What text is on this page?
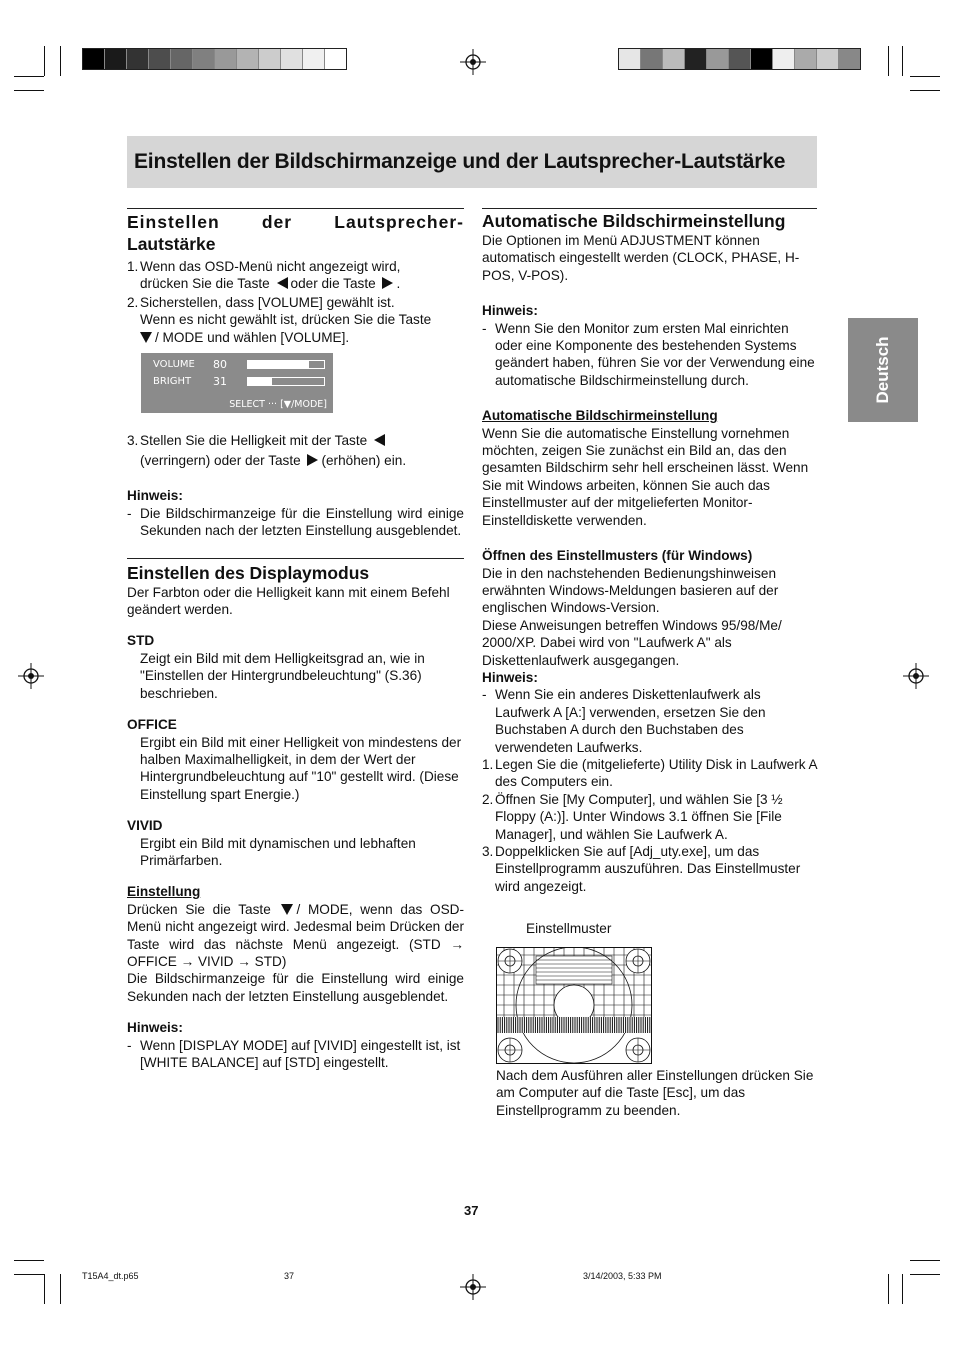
Einstellen der Bildschirmanzeige und der Lautsprecher-Lautstärke
Deutsch

Einstellen der Lautsprecher-

Lautstärke

1. Wenn das OSD-Menü nicht angezeigt wird,
drücken Sie die Taste oder die Taste .
2. Sicherstellen, dass [VOLUME] gewählt ist.
Wenn es nicht gewählt ist, drücken Sie die Taste
/ MODE und wählen [VOLUME].
3. Stellen Sie die Helligkeit mit der Taste
(verringern) oder der Taste (erhöhen) ein.

Hinweis:

- Die Bildschirmanzeige für die Einstellung wird einige Sekunden nach der letzten Einstellung ausgeblendet.

Einstellen des Displaymodus

Der Farbton oder die Helligkeit kann mit einem Befehl geändert werden.

STD

Zeigt ein Bild mit dem Helligkeitsgrad an, wie in "Einstellen der Hintergrundbeleuchtung" (S.36) beschrieben.

OFFICE

Ergibt ein Bild mit einer Helligkeit von mindestens der halben Maximalhelligkeit, in dem der Wert der Hintergrundbeleuchtung auf "10" gestellt wird. (Diese Einstellung spart Energie.)

VIVID

Ergibt ein Bild mit dynamischen und lebhaften Primärfarben.

Einstellung

Drücken Sie die Taste / MODE, wenn das OSD-Menü nicht angezeigt wird. Jedesmal beim Drücken der Taste wird das nächste Menü angezeigt. (STD → OFFICE → VIVID → STD)

Die Bildschirmanzeige für die Einstellung wird einige Sekunden nach der letzten Einstellung ausgeblendet.

Hinweis:

- Wenn [DISPLAY MODE] auf [VIVID] eingestellt ist, ist [WHITE BALANCE] auf [STD] eingestellt.
VOLUME	80
BRIGHT	31
SELECT ··· [▼/MODE]

Automatische Bildschirmeinstellung

Die Optionen im Menü ADJUSTMENT können automatisch eingestellt werden (CLOCK, PHASE, H-POS, V-POS).

Hinweis:

- Wenn Sie den Monitor zum ersten Mal einrichten oder eine Komponente des bestehenden Systems geändert haben, führen Sie vor der Verwendung eine automatische Bildschirmeinstellung durch.

Automatische Bildschirmeinstellung

Wenn Sie die automatische Einstellung vornehmen möchten, zeigen Sie zunächst ein Bild an, das den gesamten Bildschirm sehr hell erscheinen lässt. Wenn Sie mit Windows arbeiten, können Sie auch das Einstellmuster auf der mitgelieferten Monitor-Einstelldiskette verwenden.

Öffnen des Einstellmusters (für Windows)

Die in den nachstehenden Bedienungshinweisen erwähnten Windows-Meldungen basieren auf der englischen Windows-Version.

Diese Anweisungen betreffen Windows 95/98/Me/ 2000/XP. Dabei wird von "Laufwerk A" als Diskettenlaufwerk ausgegangen.

Hinweis:

- Wenn Sie ein anderes Diskettenlaufwerk als Laufwerk A [A:] verwenden, ersetzen Sie den Buchstaben A durch den Buchstaben des verwendeten Laufwerks.
1. Legen Sie die (mitgelieferte) Utility Disk in Laufwerk A des Computers ein.
2. Öffnen Sie [My Computer], und wählen Sie [3 ½ Floppy (A:)]. Unter Windows 3.1 öffnen Sie [File Manager], und wählen Sie Laufwerk A.
3. Doppelklicken Sie auf [Adj_uty.exe], um das Einstellprogramm auszuführen. Das Einstellmuster wird angezeigt.

Einstellmuster

Nach dem Ausführen aller Einstellungen drücken Sie am Computer auf die Taste [Esc], um das Einstellprogramm zu beenden.

37

T15A4_dt.p65	37	3/14/2003, 5:33 PM
